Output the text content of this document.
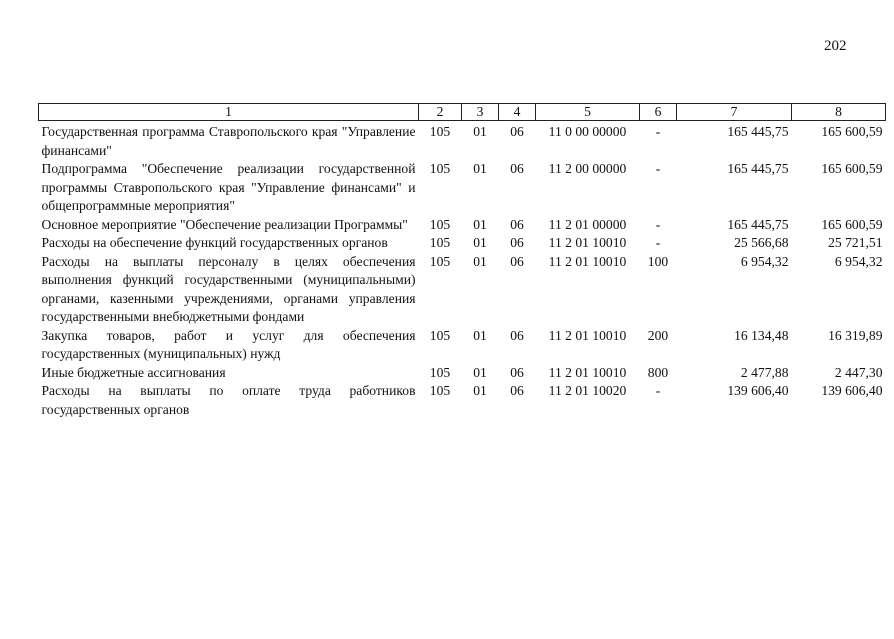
202
1	2	3	4	5	6	7	8

Государственная программа Ставропольского края "Управление финансами"	105	01	06	11 0 00 00000	-	165 445,75	165 600,59
Подпрограмма "Обеспечение реализации государственной программы Ставропольского края "Управление финансами" и общепрограммные мероприятия"	105	01	06	11 2 00 00000	-	165 445,75	165 600,59
Основное мероприятие "Обеспечение реализации Программы"	105	01	06	11 2 01 00000	-	165 445,75	165 600,59
Расходы на обеспечение функций государственных органов	105	01	06	11 2 01 10010	-	25 566,68	25 721,51
Расходы на выплаты персоналу в целях обеспечения выполнения функций государственными (муниципальными) органами, казенными учреждениями, органами управления государственными внебюджетными фондами	105	01	06	11 2 01 10010	100	6 954,32	6 954,32
Закупка товаров, работ и услуг для обеспечения государственных (муниципальных) нужд	105	01	06	11 2 01 10010	200	16 134,48	16 319,89
Иные бюджетные ассигнования	105	01	06	11 2 01 10010	800	2 477,88	2 447,30
Расходы на выплаты по оплате труда работников государственных органов	105	01	06	11 2 01 10020	-	139 606,40	139 606,40
